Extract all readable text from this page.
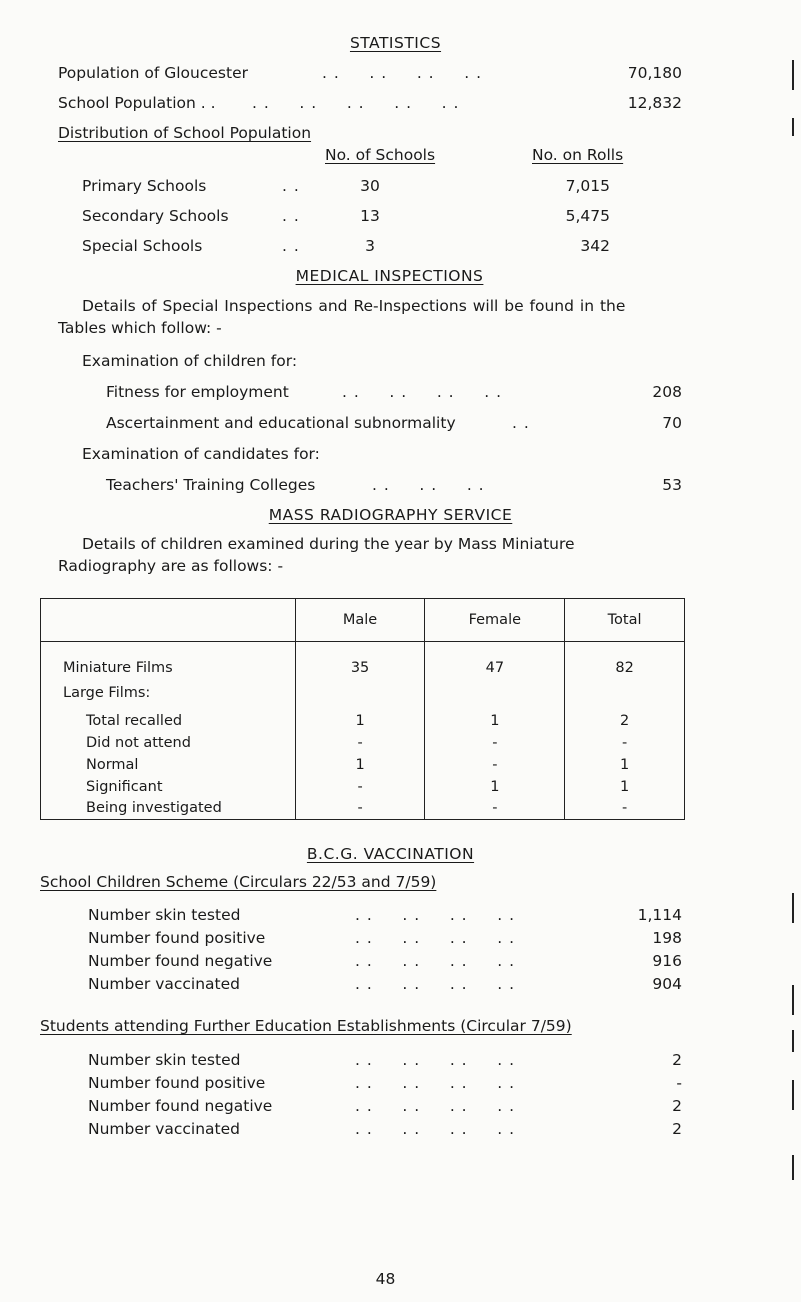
STATISTICS
Population of Gloucester	. .     . .     . .     . .	70,180
School Population . . . .     . .     . .     . .     . .	12,832
Distribution of School Population
No. of Schools	No. on Rolls
Primary Schools	. .	30	7,015
Secondary Schools	. .	13	5,475
Special Schools	. .	3	342
MEDICAL INSPECTIONS
Details of Special Inspections and Re-Inspections will be found in the
Tables which follow: -
Examination of children for:
Fitness for employment	. .     . .     . .     . .	208
Ascertainment and educational subnormality	. .	70
Examination of candidates for:
Teachers' Training Colleges	. .     . .     . .	53
MASS RADIOGRAPHY SERVICE
Details of children examined during the year by Mass Miniature
Radiography are as follows: -
	Male	Female	Total
Miniature Films	35	47	82
Large Films:			
Total recalled	1	1	2
Did not attend	-	-	-
Normal	1	-	1
Significant	-	1	1
Being investigated	-	-	-
B.C.G. VACCINATION
School Children Scheme (Circulars 22/53 and 7/59)
Number skin tested	. .     . .     . .     . .	1,114
Number found positive	. .     . .     . .     . .	198
Number found negative	. .     . .     . .     . .	916
Number vaccinated	. .     . .     . .     . .	904
Students attending Further Education Establishments (Circular 7/59)
Number skin tested	. .     . .     . .     . .	2
Number found positive	. .     . .     . .     . .	-
Number found negative	. .     . .     . .     . .	2
Number vaccinated	. .     . .     . .     . .	2
48
